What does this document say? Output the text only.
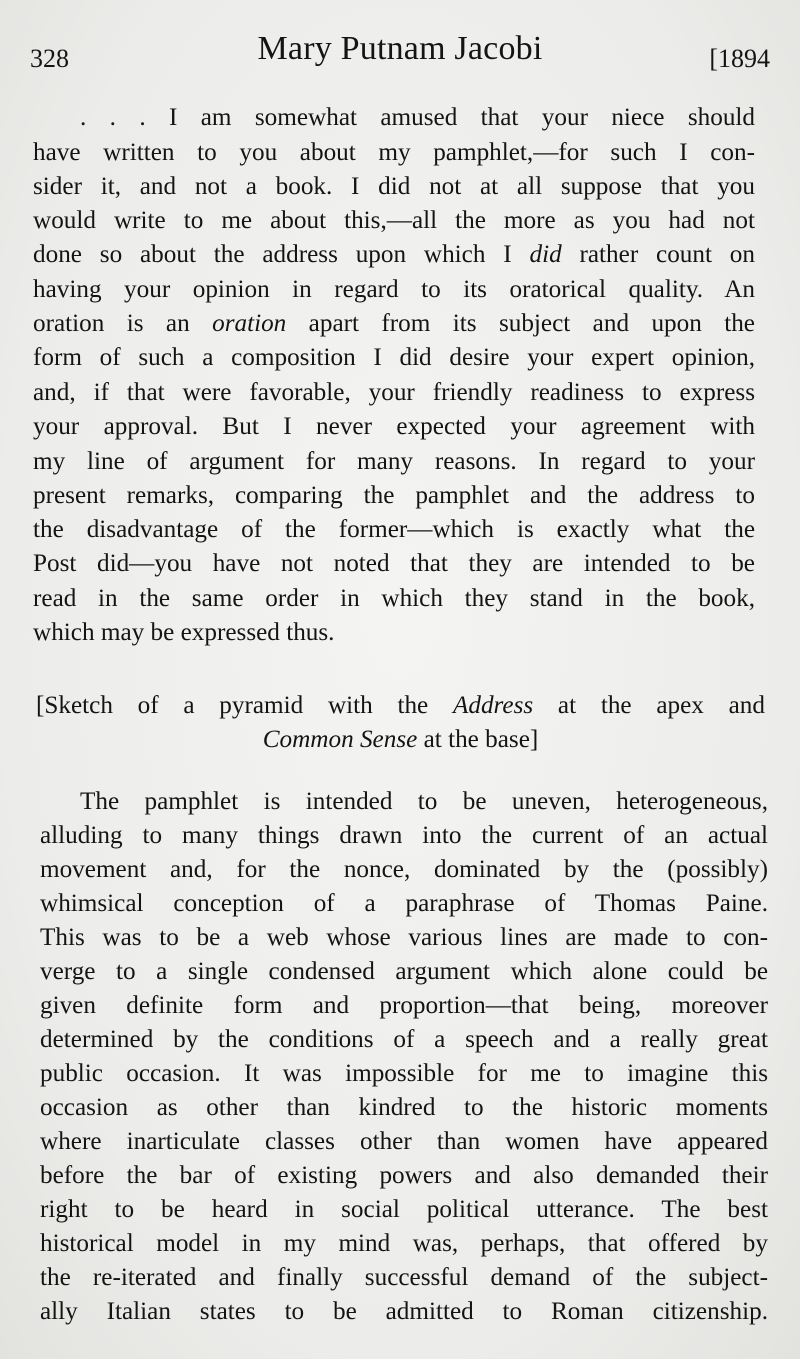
328	Mary Putnam Jacobi	[1894
. . . I am somewhat amused that your niece should
have written to you about my pamphlet,—for such I con-
sider it, and not a book. I did not at all suppose that you
would write to me about this,—all the more as you had not
done so about the address upon which I did rather count on
having your opinion in regard to its oratorical quality. An
oration is an oration apart from its subject and upon the
form of such a composition I did desire your expert opinion,
and, if that were favorable, your friendly readiness to express
your approval. But I never expected your agreement with
my line of argument for many reasons. In regard to your
present remarks, comparing the pamphlet and the address to
the disadvantage of the former—which is exactly what the
Post did—you have not noted that they are intended to be
read in the same order in which they stand in the book,
which may be expressed thus.
[Sketch of a pyramid with the Address at the apex and
Common Sense at the base]
The pamphlet is intended to be uneven, heterogeneous,
alluding to many things drawn into the current of an actual
movement and, for the nonce, dominated by the (possibly)
whimsical conception of a paraphrase of Thomas Paine.
This was to be a web whose various lines are made to con-
verge to a single condensed argument which alone could be
given definite form and proportion—that being, moreover
determined by the conditions of a speech and a really great
public occasion. It was impossible for me to imagine this
occasion as other than kindred to the historic moments
where inarticulate classes other than women have appeared
before the bar of existing powers and also demanded their
right to be heard in social political utterance. The best
historical model in my mind was, perhaps, that offered by
the re-iterated and finally successful demand of the subject-
ally Italian states to be admitted to Roman citizenship.
